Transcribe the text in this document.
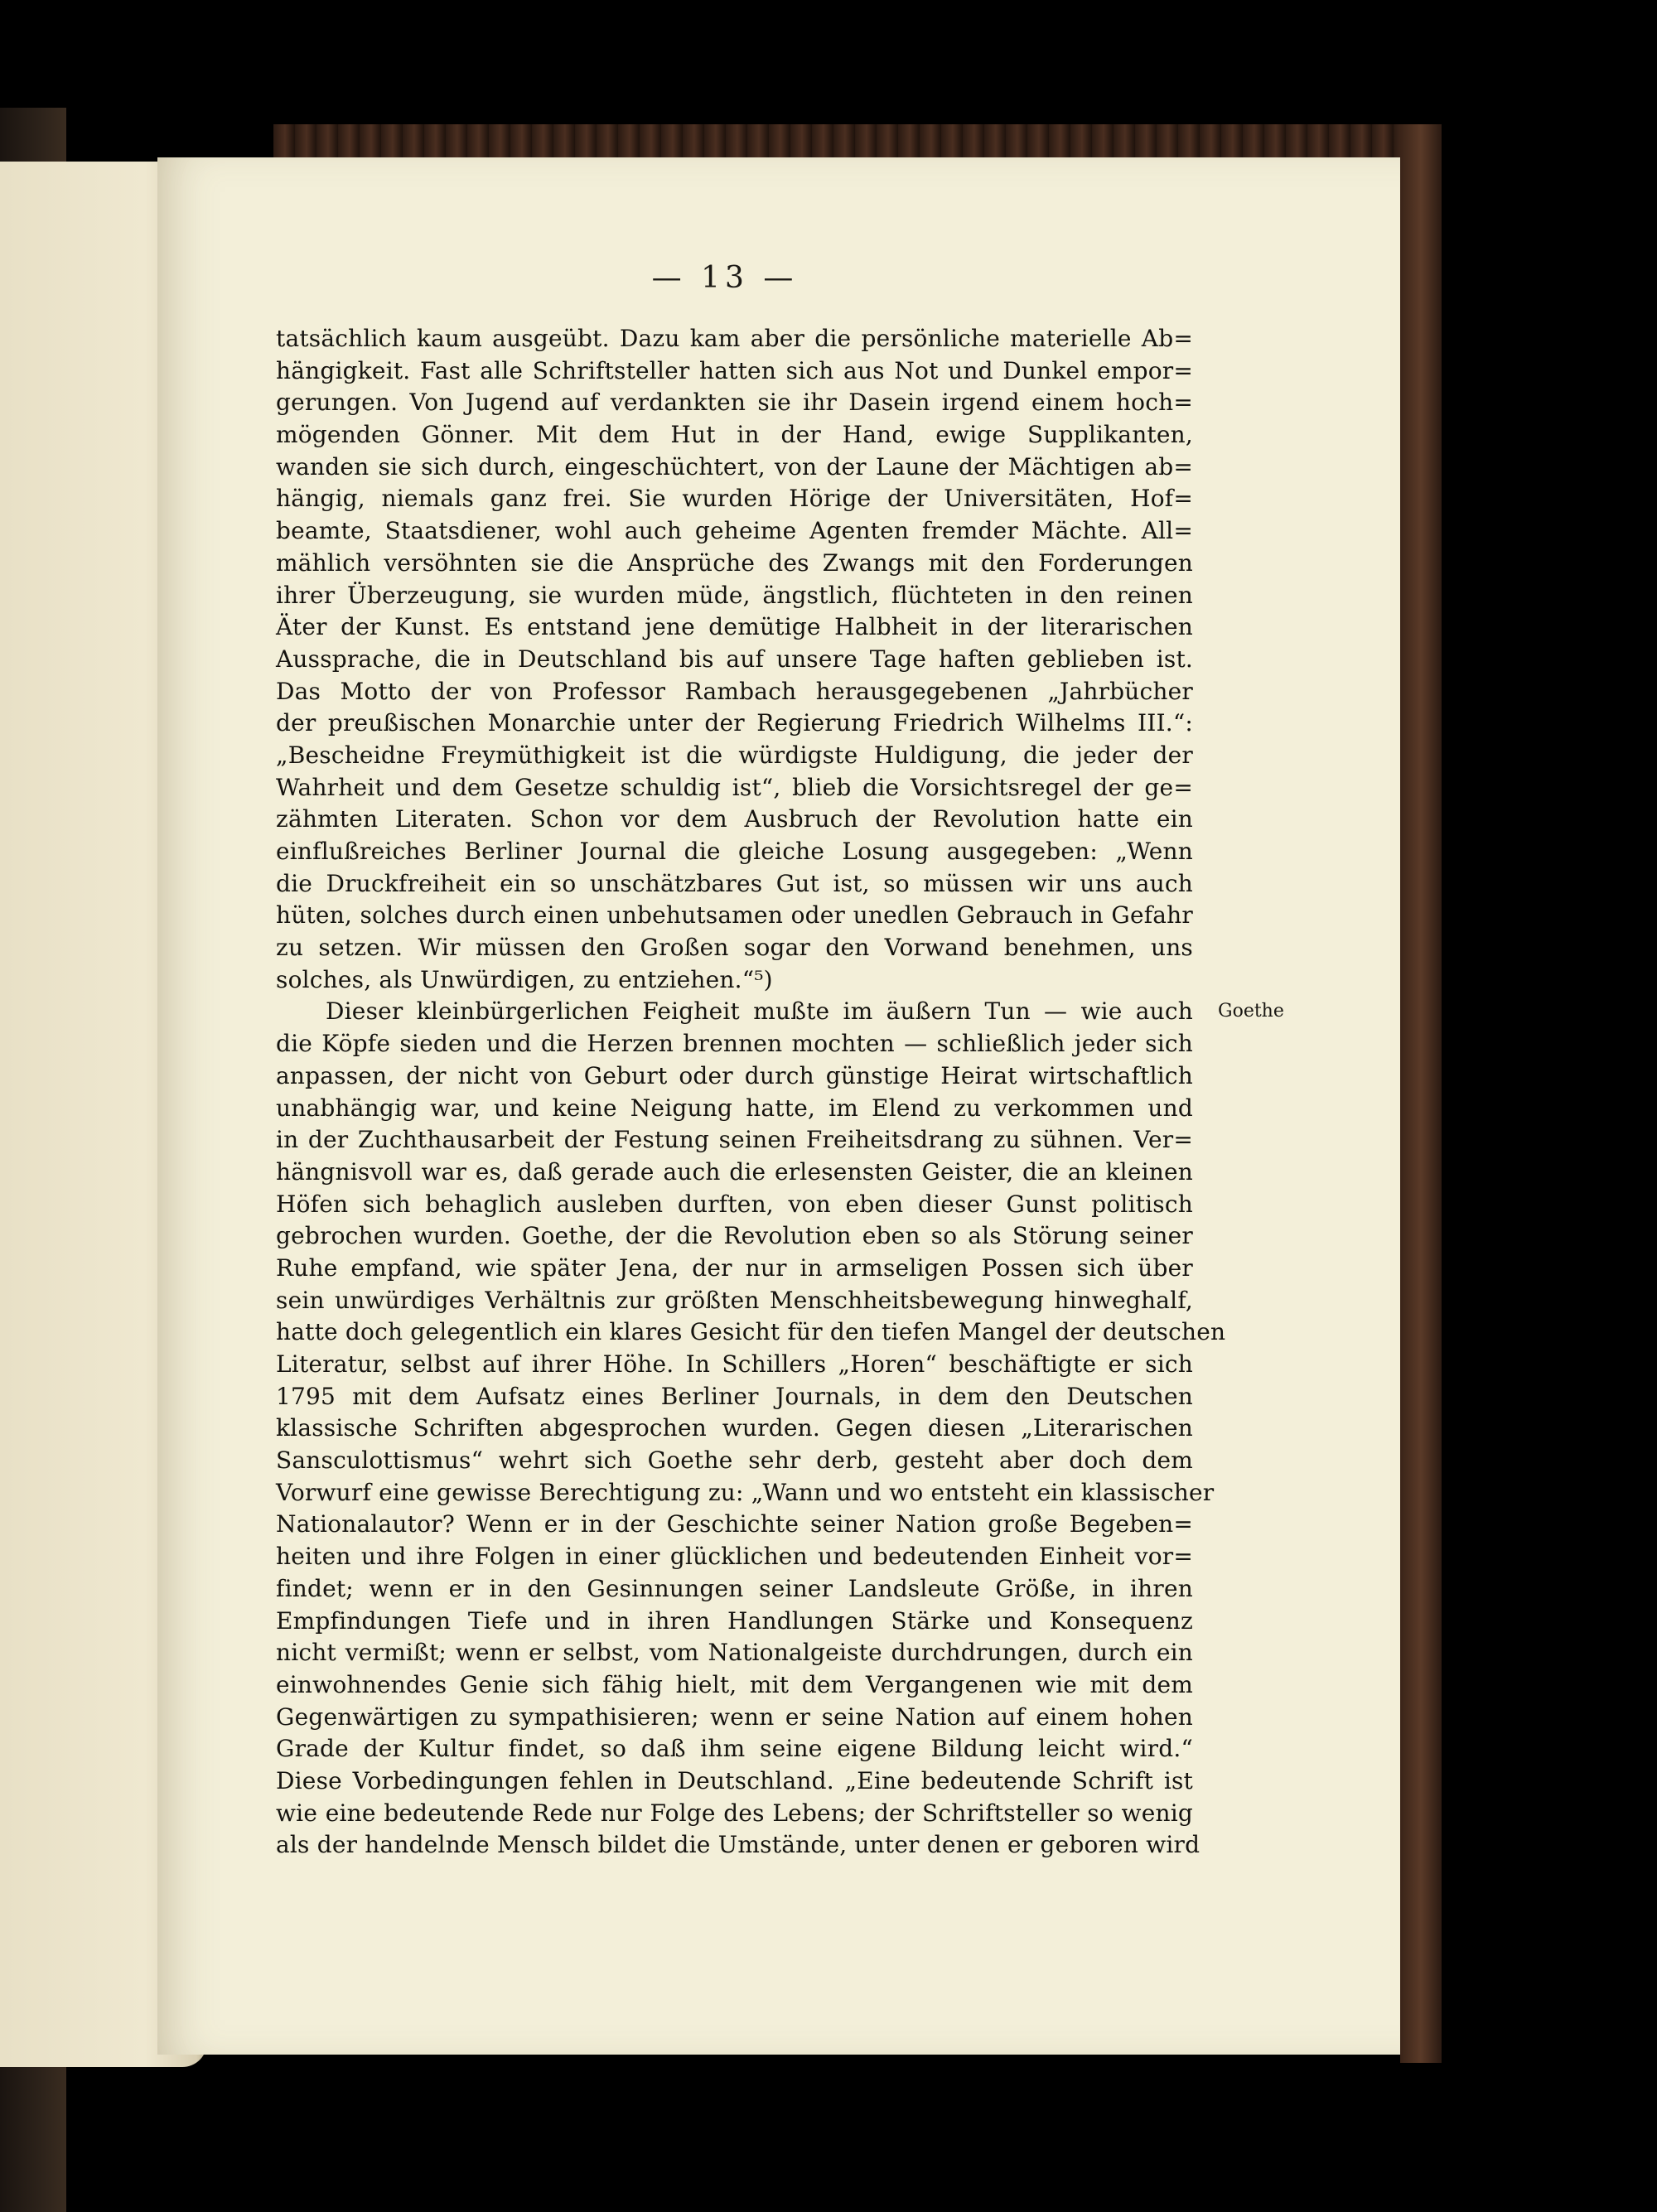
— 13 —
Goethe
tatsächlich kaum ausgeübt. Dazu kam aber die persönliche materielle Ab=
hängigkeit. Fast alle Schriftsteller hatten sich aus Not und Dunkel empor=
gerungen. Von Jugend auf verdankten sie ihr Dasein irgend einem hoch=
mögenden Gönner. Mit dem Hut in der Hand, ewige Supplikanten,
wanden sie sich durch, eingeschüchtert, von der Laune der Mächtigen ab=
hängig, niemals ganz frei. Sie wurden Hörige der Universitäten, Hof=
beamte, Staatsdiener, wohl auch geheime Agenten fremder Mächte. All=
mählich versöhnten sie die Ansprüche des Zwangs mit den Forderungen
ihrer Überzeugung, sie wurden müde, ängstlich, flüchteten in den reinen
Äter der Kunst. Es entstand jene demütige Halbheit in der literarischen
Aussprache, die in Deutschland bis auf unsere Tage haften geblieben ist.
Das Motto der von Professor Rambach herausgegebenen „Jahrbücher
der preußischen Monarchie unter der Regierung Friedrich Wilhelms III.“:
„Bescheidne Freymüthigkeit ist die würdigste Huldigung, die jeder der
Wahrheit und dem Gesetze schuldig ist“, blieb die Vorsichtsregel der ge=
zähmten Literaten. Schon vor dem Ausbruch der Revolution hatte ein
einflußreiches Berliner Journal die gleiche Losung ausgegeben: „Wenn
die Druckfreiheit ein so unschätzbares Gut ist, so müssen wir uns auch
hüten, solches durch einen unbehutsamen oder unedlen Gebrauch in Gefahr
zu setzen. Wir müssen den Großen sogar den Vorwand benehmen, uns
solches, als Unwürdigen, zu entziehen.“⁵)
Dieser kleinbürgerlichen Feigheit mußte im äußern Tun — wie auch
die Köpfe sieden und die Herzen brennen mochten — schließlich jeder sich
anpassen, der nicht von Geburt oder durch günstige Heirat wirtschaftlich
unabhängig war, und keine Neigung hatte, im Elend zu verkommen und
in der Zuchthausarbeit der Festung seinen Freiheitsdrang zu sühnen. Ver=
hängnisvoll war es, daß gerade auch die erlesensten Geister, die an kleinen
Höfen sich behaglich ausleben durften, von eben dieser Gunst politisch
gebrochen wurden. Goethe, der die Revolution eben so als Störung seiner
Ruhe empfand, wie später Jena, der nur in armseligen Possen sich über
sein unwürdiges Verhältnis zur größten Menschheitsbewegung hinweghalf,
hatte doch gelegentlich ein klares Gesicht für den tiefen Mangel der deutschen
Literatur, selbst auf ihrer Höhe. In Schillers „Horen“ beschäftigte er sich
1795 mit dem Aufsatz eines Berliner Journals, in dem den Deutschen
klassische Schriften abgesprochen wurden. Gegen diesen „Literarischen
Sansculottismus“ wehrt sich Goethe sehr derb, gesteht aber doch dem
Vorwurf eine gewisse Berechtigung zu: „Wann und wo entsteht ein klassischer
Nationalautor? Wenn er in der Geschichte seiner Nation große Begeben=
heiten und ihre Folgen in einer glücklichen und bedeutenden Einheit vor=
findet; wenn er in den Gesinnungen seiner Landsleute Größe, in ihren
Empfindungen Tiefe und in ihren Handlungen Stärke und Konsequenz
nicht vermißt; wenn er selbst, vom Nationalgeiste durchdrungen, durch ein
einwohnendes Genie sich fähig hielt, mit dem Vergangenen wie mit dem
Gegenwärtigen zu sympathisieren; wenn er seine Nation auf einem hohen
Grade der Kultur findet, so daß ihm seine eigene Bildung leicht wird.“
Diese Vorbedingungen fehlen in Deutschland. „Eine bedeutende Schrift ist
wie eine bedeutende Rede nur Folge des Lebens; der Schriftsteller so wenig
als der handelnde Mensch bildet die Umstände, unter denen er geboren wird
